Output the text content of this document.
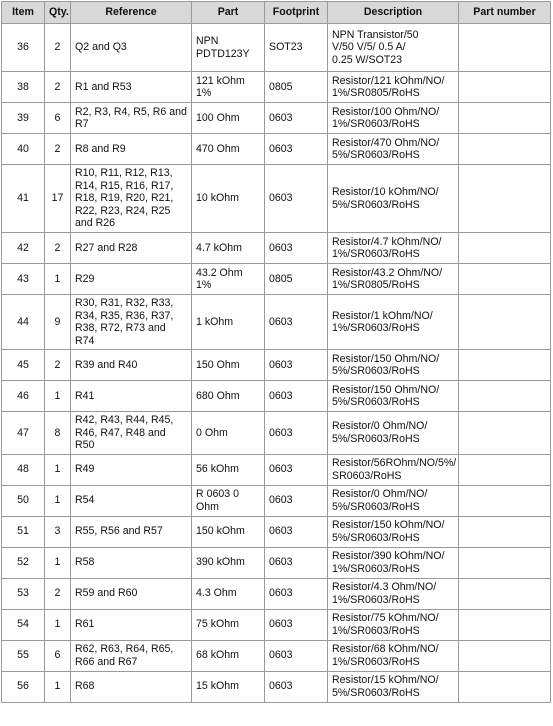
Item	Qty.	Reference	Part	Footprint	Description	Part number
36	2	Q2 and Q3	NPN
PDTD123Y	SOT23	NPN Transistor/50
V/50 V/5/ 0.5 A/
0.25 W/SOT23	
38	2	R1 and R53	121 kOhm
1%	0805	Resistor/121 kOhm/NO/
1%/SR0805/RoHS	
39	6	R2, R3, R4, R5, R6 and
R7	100 Ohm	0603	Resistor/100 Ohm/NO/
1%/SR0603/RoHS	
40	2	R8 and R9	470 Ohm	0603	Resistor/470 Ohm/NO/
5%/SR0603/RoHS	
41	17	R10, R11, R12, R13,
R14, R15, R16, R17,
R18, R19, R20, R21,
R22, R23, R24, R25
and R26	10 kOhm	0603	Resistor/10 kOhm/NO/
5%/SR0603/RoHS	
42	2	R27 and R28	4.7 kOhm	0603	Resistor/4.7 kOhm/NO/
1%/SR0603/RoHS	
43	1	R29	43.2 Ohm
1%	0805	Resistor/43.2 Ohm/NO/
1%/SR0805/RoHS	
44	9	R30, R31, R32, R33,
R34, R35, R36, R37,
R38, R72, R73 and R74	1 kOhm	0603	Resistor/1 kOhm/NO/
1%/SR0603/RoHS	
45	2	R39 and R40	150 Ohm	0603	Resistor/150 Ohm/NO/
5%/SR0603/RoHS	
46	1	R41	680 Ohm	0603	Resistor/150 Ohm/NO/
5%/SR0603/RoHS	
47	8	R42, R43, R44, R45,
R46, R47, R48 and R50	0 Ohm	0603	Resistor/0 Ohm/NO/
5%/SR0603/RoHS	
48	1	R49	56 kOhm	0603	Resistor/56ROhm/NO/5%/
SR0603/RoHS	
50	1	R54	R 0603 0
Ohm	0603	Resistor/0 Ohm/NO/
5%/SR0603/RoHS	
51	3	R55, R56 and R57	150 kOhm	0603	Resistor/150 kOhm/NO/
5%/SR0603/RoHS	
52	1	R58	390 kOhm	0603	Resistor/390 kOhm/NO/
1%/SR0603/RoHS	
53	2	R59 and R60	4.3 Ohm	0603	Resistor/4.3 Ohm/NO/
1%/SR0603/RoHS	
54	1	R61	75 kOhm	0603	Resistor/75 kOhm/NO/
1%/SR0603/RoHS	
55	6	R62, R63, R64, R65,
R66 and R67	68 kOhm	0603	Resistor/68 kOhm/NO/
1%/SR0603/RoHS	
56	1	R68	15 kOhm	0603	Resistor/15 kOhm/NO/
5%/SR0603/RoHS	
